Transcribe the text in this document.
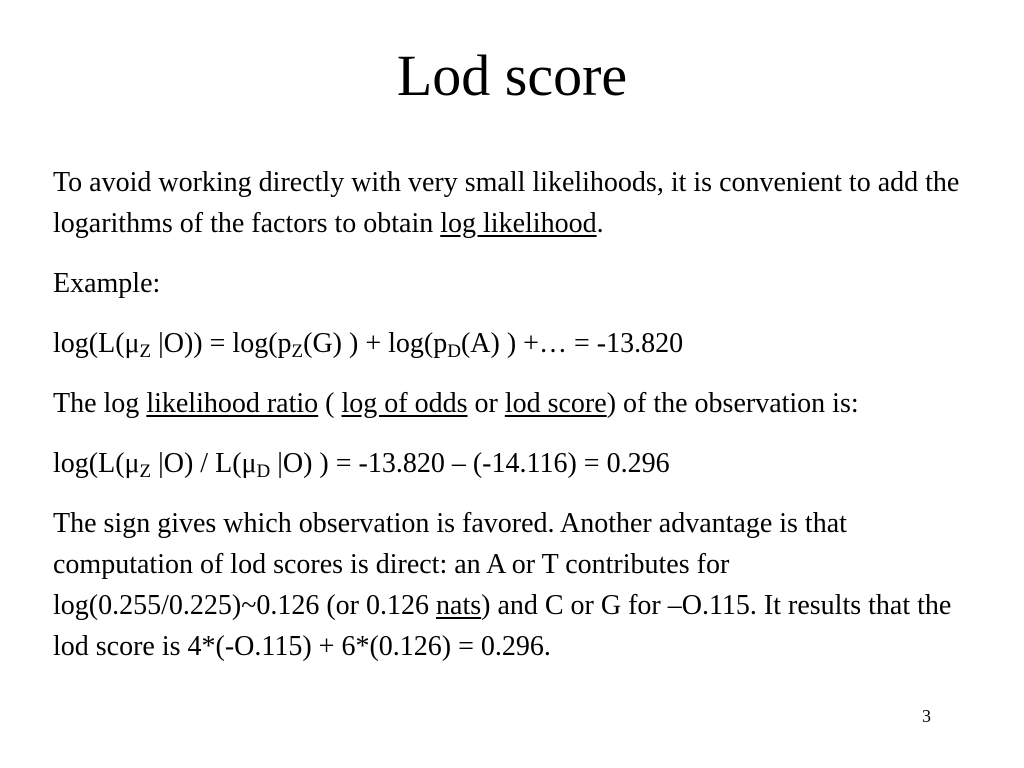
Lod score

To avoid working directly with very small likelihoods, it is convenient to add the logarithms of the factors to obtain log likelihood.

Example:

$\log(L(\mu_Z$ $|O)) = \log(p_Z(G)$ ) + $\log(p_D(A)$ ) +… = -13.820

The log likelihood ratio ( log of odds or lod score) of the observation is:

$\log(L(\mu_Z$ $|O) / L(\mu_D$ |O) ) = -13.820 – (-14.116) = 0.296

The sign gives which observation is favored. Another advantage is that computation of lod scores is direct: an A or T contributes for log(0.255/0.225)~0.126 (or 0.126 nats) and C or G for –O.115. It results that the lod score is 4*(-O.115) + 6*(0.126) = 0.296.

3
